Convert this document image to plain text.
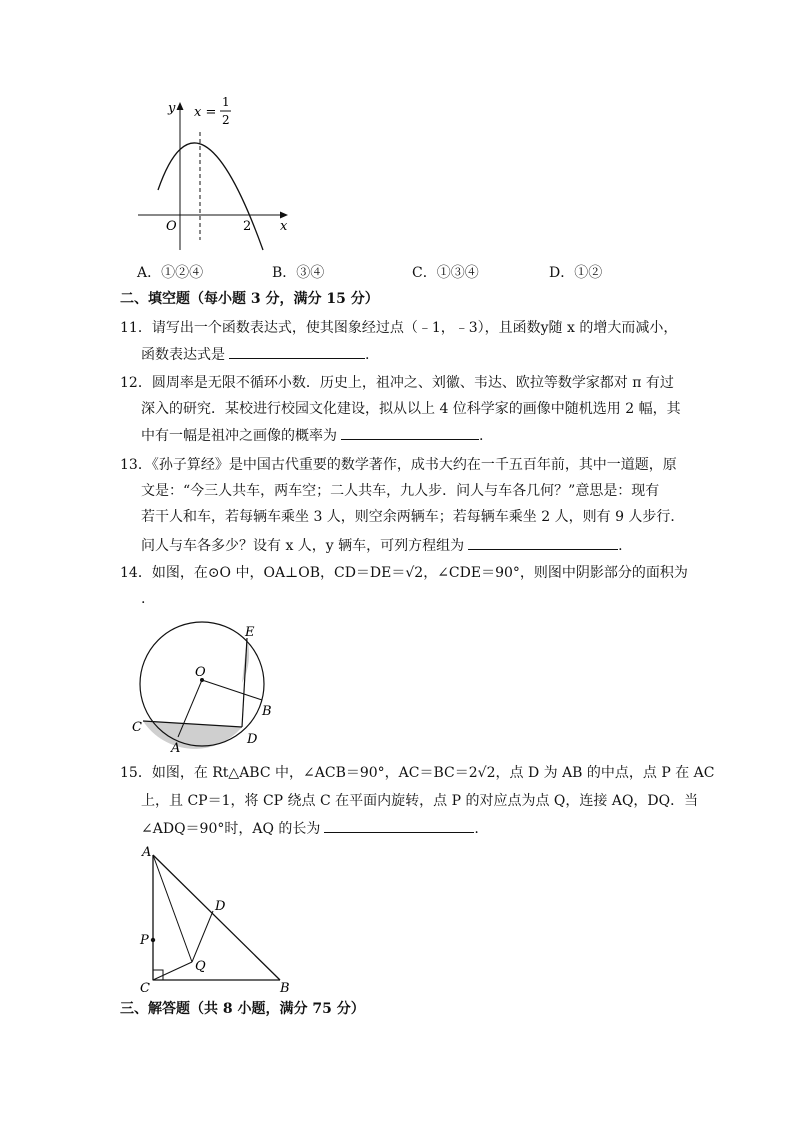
y
x
O	2
x =
1
2
A．①②④	B．③④	C．①③④	D．①②
二、填空题（每小题 3 分，满分 15 分）
11．请写出一个函数表达式，使其图象经过点（﹣1，﹣3），且函数y随 x 的增大而减小，
函数表达式是	.
12．圆周率是无限不循环小数．历史上，祖冲之、刘徽、韦达、欧拉等数学家都对 π 有过
深入的研究．某校进行校园文化建设，拟从以上 4 位科学家的画像中随机选用 2 幅，其
中有一幅是祖冲之画像的概率为	.
13．《孙子算经》是中国古代重要的数学著作，成书大约在一千五百年前，其中一道题，原
文是：“今三人共车，两车空；二人共车，九人步．问人与车各几何？”意思是：现有
若干人和车，若每辆车乘坐 3 人，则空余两辆车；若每辆车乘坐 2 人，则有 9 人步行．
问人与车各多少？设有 x 人，y 辆车，可列方程组为	.
14．如图，在⊙O 中，OA⊥OB，CD＝DE＝√2，∠CDE＝90°，则图中阴影部分的面积为
.
O
E
B
C
A
D
15．如图，在 Rt△ABC 中，∠ACB＝90°，AC＝BC＝2√2，点 D 为 AB 的中点，点 P 在 AC
上，且 CP＝1，将 CP 绕点 C 在平面内旋转，点 P 的对应点为点 Q，连接 AQ，DQ．当
∠ADQ＝90°时，AQ 的长为	.
A
D
P
Q
C	B
三、解答题（共 8 小题，满分 75 分）
